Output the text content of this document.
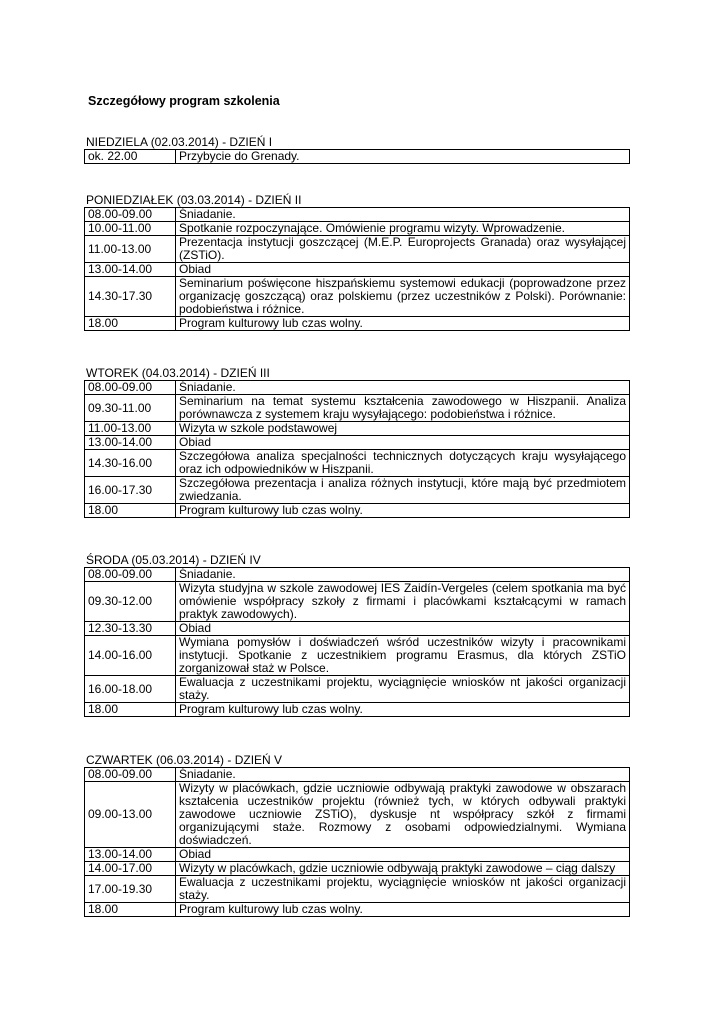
Szczegółowy program szkolenia
NIEDZIELA (02.03.2014) - DZIEŃ I
ok. 22.00	Przybycie do Grenady.
PONIEDZIAŁEK (03.03.2014) - DZIEŃ II
08.00-09.00	Śniadanie.
10.00-11.00	Spotkanie rozpoczynające. Omówienie programu wizyty. Wprowadzenie.
11.00-13.00	Prezentacja instytucji goszczącej (M.E.P. Europrojects Granada) oraz wysyłającej (ZSTiO).
13.00-14.00	Obiad
14.30-17.30	Seminarium poświęcone hiszpańskiemu systemowi edukacji (poprowadzone przez organizację goszczącą) oraz polskiemu (przez uczestników z Polski). Porównanie: podobieństwa i różnice.
18.00	Program kulturowy lub czas wolny.
WTOREK (04.03.2014) - DZIEŃ III
08.00-09.00	Śniadanie.
09.30-11.00	Seminarium na temat systemu kształcenia zawodowego w Hiszpanii. Analiza porównawcza z systemem kraju wysyłającego: podobieństwa i różnice.
11.00-13.00	Wizyta w szkole podstawowej
13.00-14.00	Obiad
14.30-16.00	Szczegółowa analiza specjalności technicznych dotyczących kraju wysyłającego oraz ich odpowiedników w Hiszpanii.
16.00-17.30	Szczegółowa prezentacja i analiza różnych instytucji, które mają być przedmiotem zwiedzania.
18.00	Program kulturowy lub czas wolny.
ŚRODA (05.03.2014) - DZIEŃ IV
08.00-09.00	Śniadanie.
09.30-12.00	Wizyta studyjna w szkole zawodowej IES Zaidín-Vergeles (celem spotkania ma być omówienie współpracy szkoły z firmami i placówkami kształcącymi w ramach praktyk zawodowych).
12.30-13.30	Obiad
14.00-16.00	Wymiana pomysłów i doświadczeń wśród uczestników wizyty i pracownikami instytucji. Spotkanie z uczestnikiem programu Erasmus, dla których ZSTiO zorganizował staż w Polsce.
16.00-18.00	Ewaluacja z uczestnikami projektu, wyciągnięcie wniosków nt jakości organizacji staży.
18.00	Program kulturowy lub czas wolny.
CZWARTEK (06.03.2014) - DZIEŃ V
08.00-09.00	Śniadanie.
09.00-13.00	Wizyty w placówkach, gdzie uczniowie odbywają praktyki zawodowe w obszarach kształcenia uczestników projektu (również tych, w których odbywali praktyki zawodowe uczniowie ZSTiO), dyskusje nt współpracy szkół z firmami organizującymi staże. Rozmowy z osobami odpowiedzialnymi. Wymiana doświadczeń.
13.00-14.00	Obiad
14.00-17.00	Wizyty w placówkach, gdzie uczniowie odbywają praktyki zawodowe – ciąg dalszy
17.00-19.30	Ewaluacja z uczestnikami projektu, wyciągnięcie wniosków nt jakości organizacji staży.
18.00	Program kulturowy lub czas wolny.
